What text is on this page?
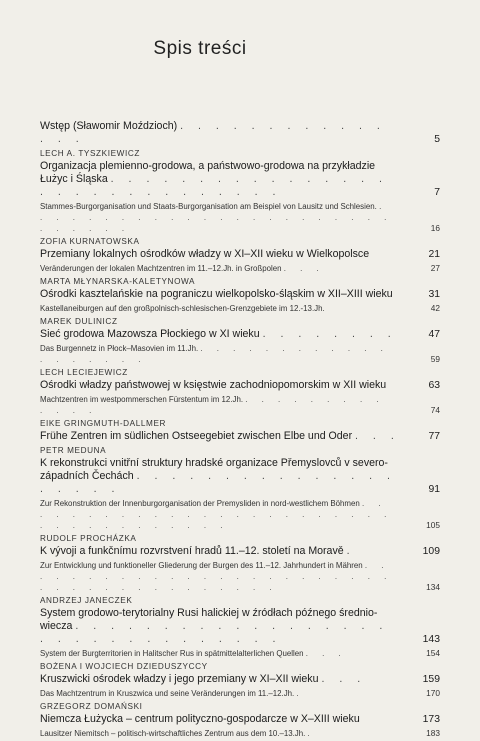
Spis treści
Wstęp (Sławomir Moździoch) . . . . . . . . . . . . . . .	5
LECH A. TYSZKIEWICZ
Organizacja plemienno-grodowa, a państwowo-grodowa na przykładzie Łużyc i Śląska . . . . . . . . . . . . . . . . . . . . . . . . . . . . . .	7
Stammes-Burgorganisation und Staats-Burgorganisation am Beispiel von Lausitz und Schlesien. . . . . . . . . . . . . . . . . . . . . . . . . . . . . .	16
ZOFIA KURNATOWSKA
Przemiany lokalnych ośrodków władzy w XI–XII wieku w Wielkopolsce	21
Veränderungen der lokalen Machtzentren im 11.–12.Jh. in Großpolen . . .	27
MARTA MŁYNARSKA-KALETYNOWA
Ośrodki kasztelańskie na pograniczu wielkopolsko-śląskim w XII–XIII wieku	31
Kastellaneiburgen auf den großpolnisch-schlesischen-Grenzgebiete im 12.-13.Jh.	42
MAREK DULINICZ
Sieć grodowa Mazowsza Płockiego w XI wieku . . . . . . . .	47
Das Burgennetz in Płock–Masovien im 11.Jh. . . . . . . . . . . . . . . . . . . .	59
LECH LECIEJEWICZ
Ośrodki władzy państwowej w księstwie zachodniopomorskim w XII wieku	63
Machtzentren im westpommerschen Fürstentum im 12.Jh. . . . . . . . . . . . . .	74
EIKE GRINGMUTH-DALLMER
Frühe Zentren im südlichen Ostseegebiet zwischen Elbe und Oder . . .	77
PETR MEDUNA
K rekonstrukci vnitřní struktury hradské organizace Přemyslovců v severo-západních Čechách . . . . . . . . . . . . . . . . . . . .	91
Zur Rekonstruktion der Innenburgorganisation der Premysliden in nord-westlichem Böhmen . . . . . . . . . . . . . . . . . . . . . . . . . . . . . . . . . . . .	105
RUDOLF PROCHÁZKA
K vývoji a funkčnímu rozvrstvení hradů 11.–12. století na Moravě .	109
Zur Entwicklung und funktioneller Gliederung der Burgen des 11.–12. Jahrhundert in Mähren . . . . . . . . . . . . . . . . . . . . . . . . . . . . . . . . . . . . . . .	134
ANDRZEJ JANECZEK
System grodowo-terytorialny Rusi halickiej w źródłach późnego średnio-wiecza . . . . . . . . . . . . . . . . . . . . . . . . . . . . . . . .	143
System der Burgterritorien in Halitscher Rus in spätmittelalterlichen Quellen . . .	154
BOŻENA I WOJCIECH DZIEDUSZYCCY
Kruszwicki ośrodek władzy i jego przemiany w XI–XII wieku . . .	159
Das Machtzentrum in Kruszwica und seine Veränderungen im 11.–12.Jh. .	170
GRZEGORZ DOMAŃSKI
Niemcza Łużycka – centrum polityczno-gospodarcze w X–XIII wieku	173
Lausitzer Niemitsch – politisch-wirtschaftliches Zentrum aus dem 10.–13.Jh. .	183
